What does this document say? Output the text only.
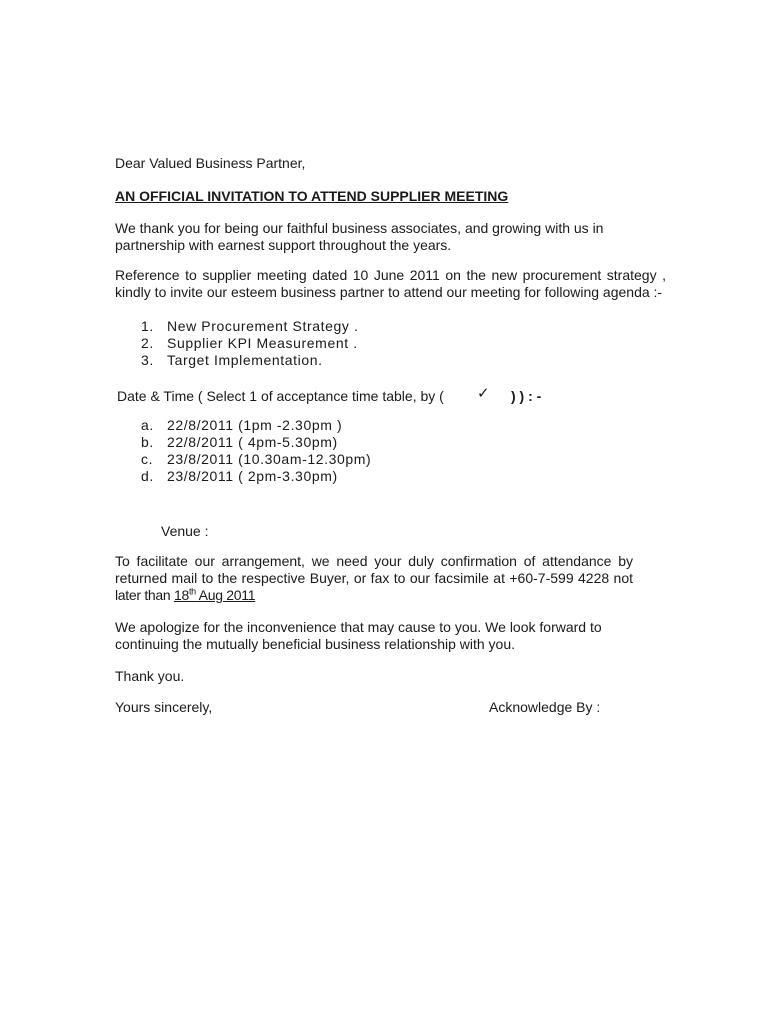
Dear Valued Business Partner,
AN OFFICIAL INVITATION TO ATTEND SUPPLIER MEETING
We thank you for being our faithful business associates, and growing with us in partnership with earnest support throughout the years.
Reference to supplier meeting dated 10 June 2011 on the new procurement strategy , kindly to invite our esteem business partner to attend our meeting for following agenda :-
1. New Procurement Strategy .
2. Supplier KPI Measurement .
3. Target Implementation.
Date & Time ( Select 1 of acceptance time table, by ( ✓ ) ) : -
a. 22/8/2011 (1pm -2.30pm )
b. 22/8/2011 ( 4pm-5.30pm)
c. 23/8/2011 (10.30am-12.30pm)
d. 23/8/2011 ( 2pm-3.30pm)
Venue :
To facilitate our arrangement, we need your duly confirmation of attendance by returned mail to the respective Buyer, or fax to our facsimile at +60-7-599 4228 not
later than 18th Aug 2011
We apologize for the inconvenience that may cause to you. We look forward to continuing the mutually beneficial business relationship with you.
Thank you.
Yours sincerely,	Acknowledge By :
